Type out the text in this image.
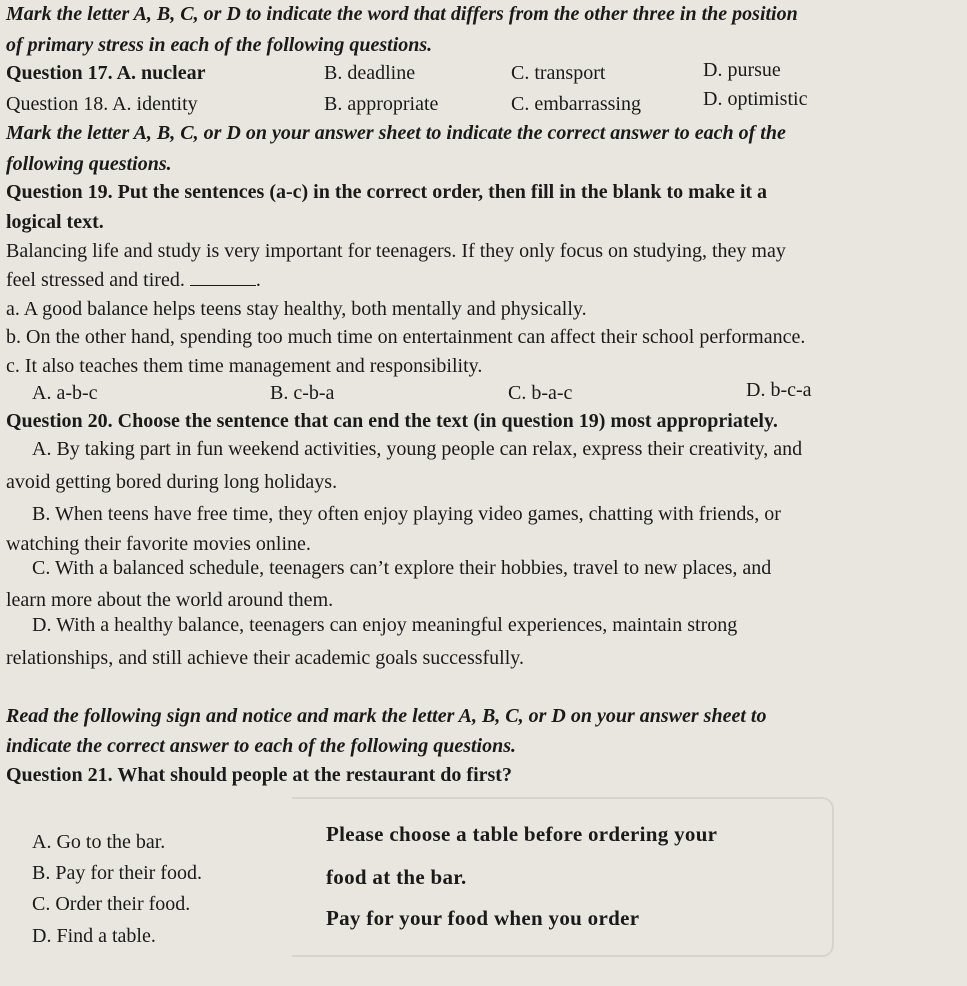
Mark the letter A, B, C, or D to indicate the word that differs from the other three in the position
of primary stress in each of the following questions.
Question 17. A. nuclear	B. deadline	C. transport	D. pursue
Question 18. A. identity	B. appropriate	C. embarrassing	D. optimistic
Mark the letter A, B, C, or D on your answer sheet to indicate the correct answer to each of the
following questions.
Question 19. Put the sentences (a-c) in the correct order, then fill in the blank to make it a
logical text.
Balancing life and study is very important for teenagers. If they only focus on studying, they may
feel stressed and tired.	.
a. A good balance helps teens stay healthy, both mentally and physically.
b. On the other hand, spending too much time on entertainment can affect their school performance.
c. It also teaches them time management and responsibility.
A. a-b-c	B. c-b-a	C. b-a-c	D. b-c-a
Question 20. Choose the sentence that can end the text (in question 19) most appropriately.
A. By taking part in fun weekend activities, young people can relax, express their creativity, and
avoid getting bored during long holidays.
B. When teens have free time, they often enjoy playing video games, chatting with friends, or
watching their favorite movies online.
C. With a balanced schedule, teenagers can’t explore their hobbies, travel to new places, and
learn more about the world around them.
D. With a healthy balance, teenagers can enjoy meaningful experiences, maintain strong
relationships, and still achieve their academic goals successfully.
Read the following sign and notice and mark the letter A, B, C, or D on your answer sheet to
indicate the correct answer to each of the following questions.
Question 21. What should people at the restaurant do first?
A. Go to the bar.
B. Pay for their food.
C. Order their food.
D. Find a table.
Please choose a table before ordering your
food at the bar.
Pay for your food when you order
